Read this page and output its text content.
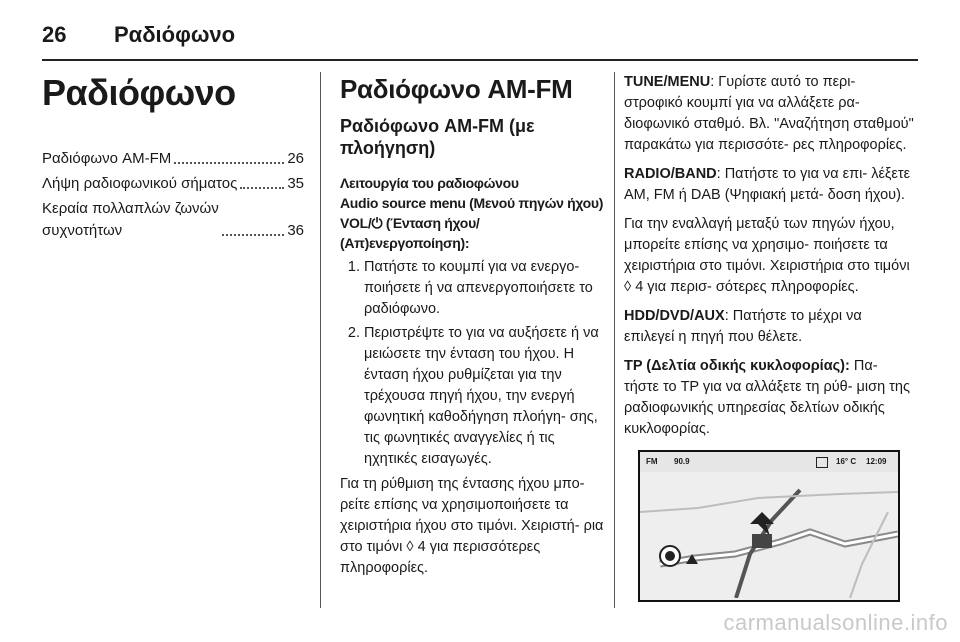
26 Ραδιόφωνο
Ραδιόφωνο
Ραδιόφωνο AM-FM	26
Λήψη ραδιοφωνικού σήματος	35
Κεραία πολλαπλών ζωνών
συχνοτήτων	36
Ραδιόφωνο AM-FM
Ραδιόφωνο AM-FM (με πλοήγηση)
Λειτουργία του ραδιοφώνου
Audio source menu (Μενού πηγών ήχου)
VOL/⏻ (Ένταση ήχου/ (Απ)ενεργοποίηση):
1. Πατήστε το κουμπί για να ενεργο- ποιήσετε ή να απενεργοποιήσετε το ραδιόφωνο.
2. Περιστρέψτε το για να αυξήσετε ή να μειώσετε την ένταση του ήχου. Η ένταση ήχου ρυθμίζεται για την τρέχουσα πηγή ήχου, την ενεργή φωνητική καθοδήγηση πλοήγη- σης, τις φωνητικές αναγγελίες ή τις ηχητικές εισαγωγές.

Για τη ρύθμιση της έντασης ήχου μπο- ρείτε επίσης να χρησιμοποιήσετε τα χειριστήρια ήχου στο τιμόνι. Χειριστή- ρια στο τιμόνι ◊ 4 για περισσότερες πληροφορίες.

TUNE/MENU: Γυρίστε αυτό το περι- στροφικό κουμπί για να αλλάξετε ρα- διοφωνικό σταθμό. Βλ. "Αναζήτηση σταθμού" παρακάτω για περισσότε- ρες πληροφορίες.

RADIO/BAND: Πατήστε το για να επι- λέξετε AM, FM ή DAB (Ψηφιακή μετά- δοση ήχου).

Για την εναλλαγή μεταξύ των πηγών ήχου, μπορείτε επίσης να χρησιμο- ποιήσετε τα χειριστήρια στο τιμόνι. Χειριστήρια στο τιμόνι ◊ 4 για περισ- σότερες πληροφορίες.

HDD/DVD/AUX: Πατήστε το μέχρι να επιλεγεί η πηγή που θέλετε.

TP (Δελτία οδικής κυκλοφορίας): Πα- τήστε το TP για να αλλάξετε τη ρύθ- μιση της ραδιοφωνικής υπηρεσίας δελτίων οδικής κυκλοφορίας.

FM 90.9	16° C 12:09
carmanualsonline.info
